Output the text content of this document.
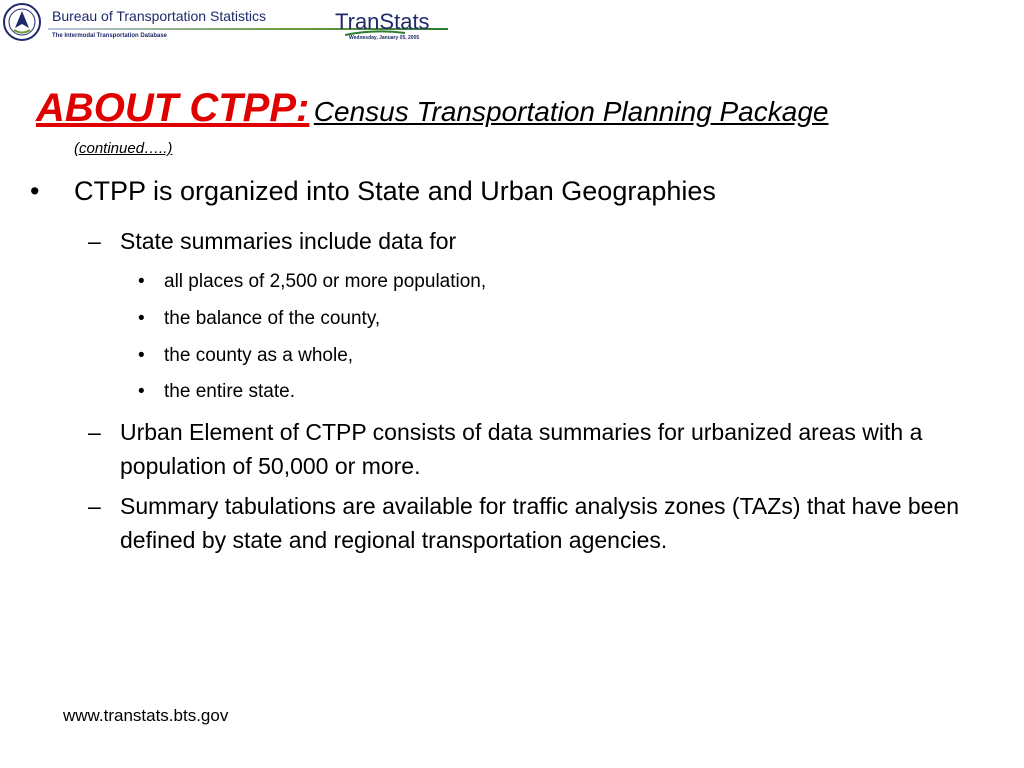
Bureau of Transportation Statistics
The Intermodal Transportation Database
TranStats
Wednesday, January 05, 2005
ABOUT CTPP: Census Transportation Planning Package
(continued…..)
• CTPP is organized into State and Urban Geographies
– State summaries include data for
• all places of 2,500 or more population,
• the balance of the county,
• the county as a whole,
• the entire state.
– Urban Element of CTPP consists of data summaries for urbanized areas with a population of 50,000 or more.
– Summary tabulations are available for traffic analysis zones (TAZs) that have been defined by state and regional transportation agencies.
www.transtats.bts.gov
